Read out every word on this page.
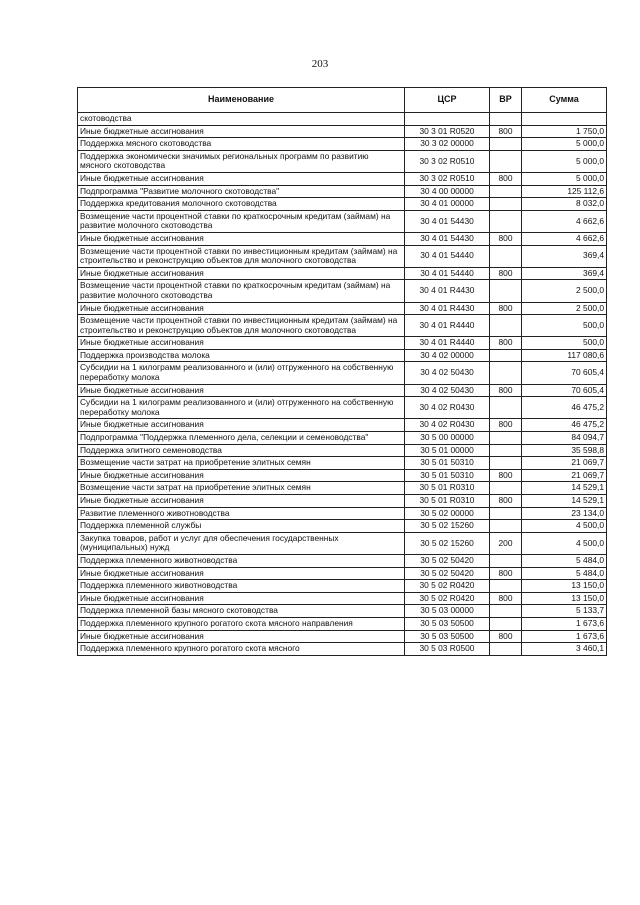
203
Наименование	ЦСР	ВР	Сумма
скотоводства			
Иные бюджетные ассигнования	30 3 01 R0520	800	1 750,0
Поддержка мясного скотоводства	30 3 02 00000		5 000,0
Поддержка экономически значимых региональных программ по развитию мясного скотоводства	30 3 02 R0510		5 000,0
Иные бюджетные ассигнования	30 3 02 R0510	800	5 000,0
Подпрограмма "Развитие молочного скотоводства"	30 4 00 00000		125 112,6
Поддержка кредитования молочного скотоводства	30 4 01 00000		8 032,0
Возмещение части процентной ставки по краткосрочным кредитам (займам) на развитие молочного скотоводства	30 4 01 54430		4 662,6
Иные бюджетные ассигнования	30 4 01 54430	800	4 662,6
Возмещение части процентной ставки по инвестиционным кредитам (займам) на строительство и реконструкцию объектов для молочного скотоводства	30 4 01 54440		369,4
Иные бюджетные ассигнования	30 4 01 54440	800	369,4
Возмещение части процентной ставки по краткосрочным кредитам (займам) на развитие молочного скотоводства	30 4 01 R4430		2 500,0
Иные бюджетные ассигнования	30 4 01 R4430	800	2 500,0
Возмещение части процентной ставки по инвестиционным кредитам (займам) на строительство и реконструкцию объектов для молочного скотоводства	30 4 01 R4440		500,0
Иные бюджетные ассигнования	30 4 01 R4440	800	500,0
Поддержка производства молока	30 4 02 00000		117 080,6
Субсидии на 1 килограмм реализованного и (или) отгруженного на собственную переработку молока	30 4 02 50430		70 605,4
Иные бюджетные ассигнования	30 4 02 50430	800	70 605,4
Субсидии на 1 килограмм реализованного и (или) отгруженного на собственную переработку молока	30 4 02 R0430		46 475,2
Иные бюджетные ассигнования	30 4 02 R0430	800	46 475,2
Подпрограмма "Поддержка племенного дела, селекции и семеноводства"	30 5 00 00000		84 094,7
Поддержка элитного семеноводства	30 5 01 00000		35 598,8
Возмещение части затрат на приобретение элитных семян	30 5 01 50310		21 069,7
Иные бюджетные ассигнования	30 5 01 50310	800	21 069,7
Возмещение части затрат на приобретение элитных семян	30 5 01 R0310		14 529,1
Иные бюджетные ассигнования	30 5 01 R0310	800	14 529,1
Развитие племенного животноводства	30 5 02 00000		23 134,0
Поддержка племенной службы	30 5 02 15260		4 500,0
Закупка товаров, работ и услуг для обеспечения государственных (муниципальных) нужд	30 5 02 15260	200	4 500,0
Поддержка племенного животноводства	30 5 02 50420		5 484,0
Иные бюджетные ассигнования	30 5 02 50420	800	5 484,0
Поддержка племенного животноводства	30 5 02 R0420		13 150,0
Иные бюджетные ассигнования	30 5 02 R0420	800	13 150,0
Поддержка племенной базы мясного скотоводства	30 5 03 00000		5 133,7
Поддержка племенного крупного рогатого скота мясного направления	30 5 03 50500		1 673,6
Иные бюджетные ассигнования	30 5 03 50500	800	1 673,6
Поддержка племенного крупного рогатого скота мясного	30 5 03 R0500		3 460,1
